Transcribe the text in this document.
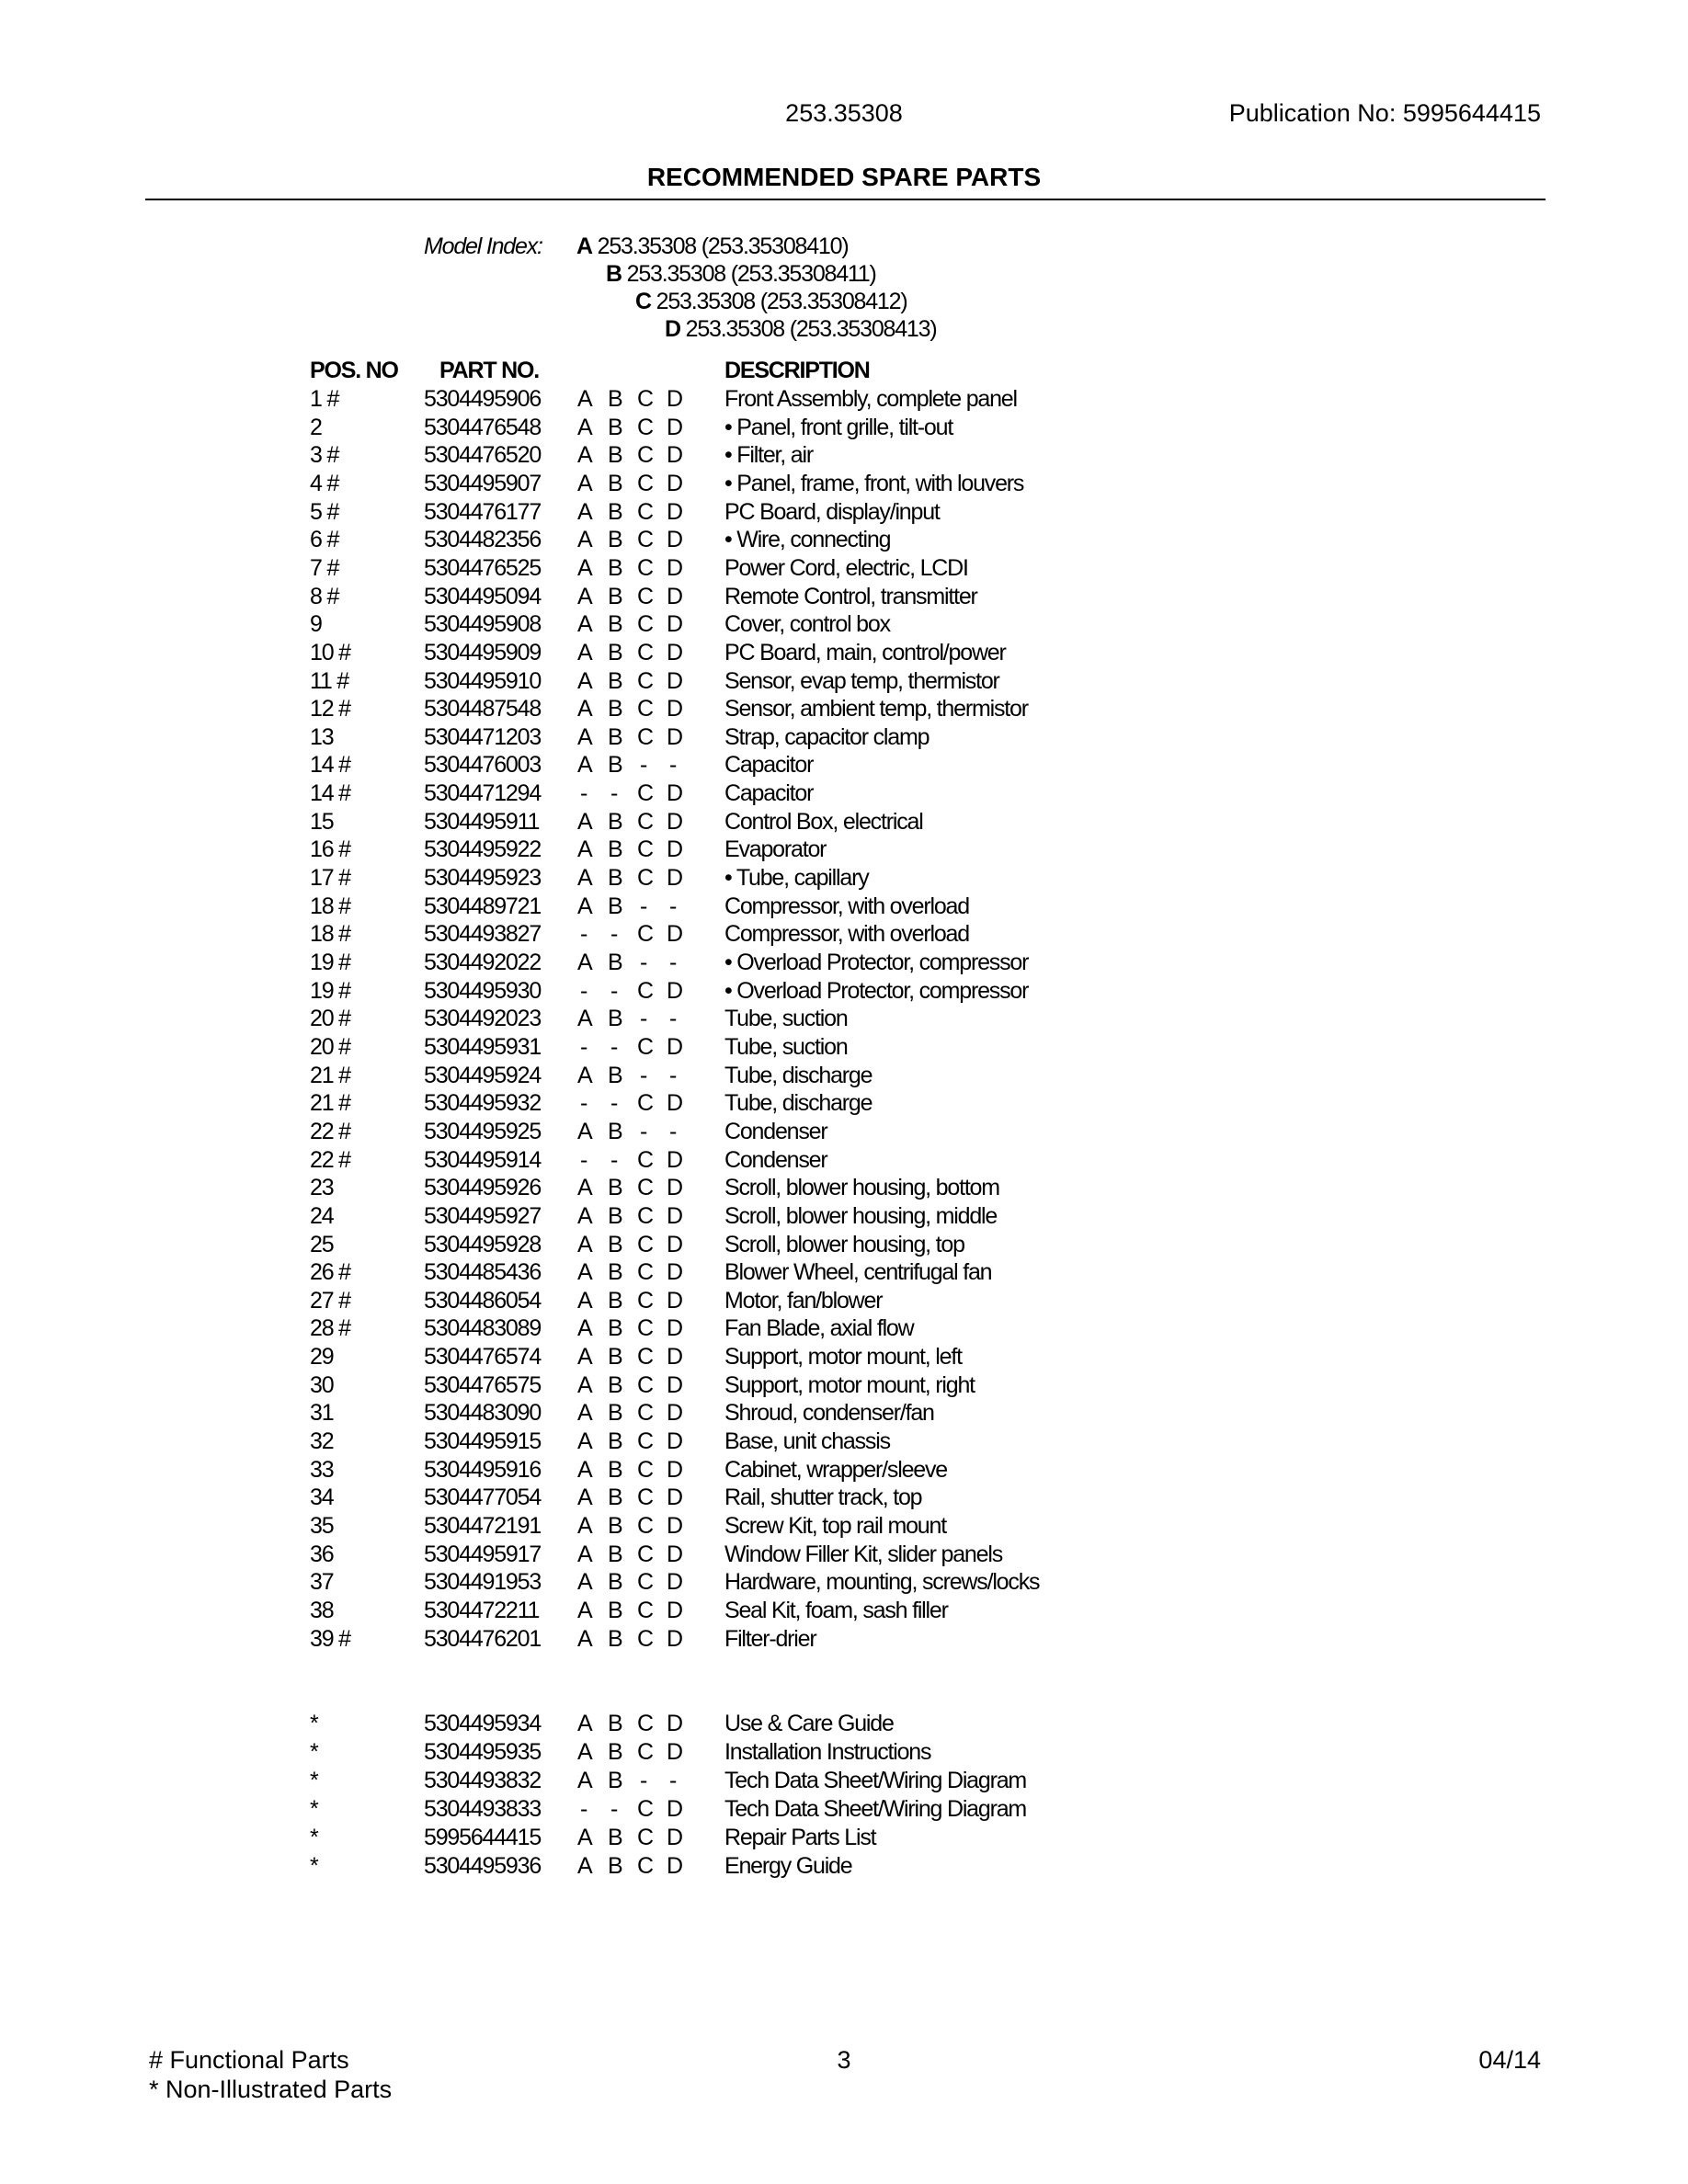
253.35308	Publication No: 5995644415
RECOMMENDED SPARE PARTS
Model Index: A 253.35308 (253.35308410)
B 253.35308 (253.35308411)
C 253.35308 (253.35308412)
D 253.35308 (253.35308413)
POS. NO PART NO.	DESCRIPTION
1 #	5304495906 A B C D Front Assembly, complete panel
2	5304476548 A B C D • Panel, front grille, tilt-out
3 #	5304476520 A B C D • Filter, air
4 #	5304495907 A B C D • Panel, frame, front, with louvers
5 #	5304476177 A B C D PC Board, display/input
6 #	5304482356 A B C D • Wire, connecting
7 #	5304476525 A B C D Power Cord, electric, LCDI
8 #	5304495094 A B C D Remote Control, transmitter
9	5304495908 A B C D Cover, control box
10 #	5304495909 A B C D PC Board, main, control/power
11 #	5304495910 A B C D Sensor, evap temp, thermistor
12 #	5304487548 A B C D Sensor, ambient temp, thermistor
13	5304471203 A B C D Strap, capacitor clamp
14 #	5304476003 A B - - Capacitor
14 #	5304471294 - - C D Capacitor
15	5304495911 A B C D Control Box, electrical
16 #	5304495922 A B C D Evaporator
17 #	5304495923 A B C D • Tube, capillary
18 #	5304489721 A B - - Compressor, with overload
18 #	5304493827 - - C D Compressor, with overload
19 #	5304492022 A B - - • Overload Protector, compressor
19 #	5304495930 - - C D • Overload Protector, compressor
20 #	5304492023 A B - - Tube, suction
20 #	5304495931 - - C D Tube, suction
21 #	5304495924 A B - - Tube, discharge
21 #	5304495932 - - C D Tube, discharge
22 #	5304495925 A B - - Condenser
22 #	5304495914 - - C D Condenser
23	5304495926 A B C D Scroll, blower housing, bottom
24	5304495927 A B C D Scroll, blower housing, middle
25	5304495928 A B C D Scroll, blower housing, top
26 #	5304485436 A B C D Blower Wheel, centrifugal fan
27 #	5304486054 A B C D Motor, fan/blower
28 #	5304483089 A B C D Fan Blade, axial flow
29	5304476574 A B C D Support, motor mount, left
30	5304476575 A B C D Support, motor mount, right
31	5304483090 A B C D Shroud, condenser/fan
32	5304495915 A B C D Base, unit chassis
33	5304495916 A B C D Cabinet, wrapper/sleeve
34	5304477054 A B C D Rail, shutter track, top
35	5304472191 A B C D Screw Kit, top rail mount
36	5304495917 A B C D Window Filler Kit, slider panels
37	5304491953 A B C D Hardware, mounting, screws/locks
38	5304472211 A B C D Seal Kit, foam, sash filler
39 #	5304476201 A B C D Filter-drier
*	5304495934 A B C D Use & Care Guide
*	5304495935 A B C D Installation Instructions
*	5304493832 A B - - Tech Data Sheet/Wiring Diagram
*	5304493833 - - C D Tech Data Sheet/Wiring Diagram
*	5995644415 A B C D Repair Parts List
*	5304495936 A B C D Energy Guide
# Functional Parts
* Non-Illustrated Parts
3	04/14
